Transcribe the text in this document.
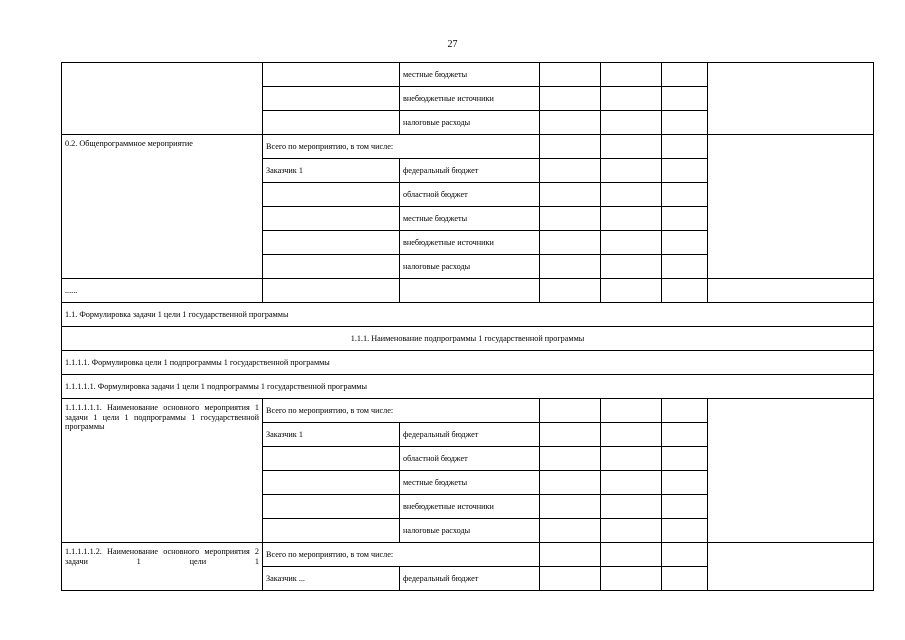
27
		местные бюджеты				
		внебюджетные источники				
		налоговые расходы				
0.2. Общепрограммное мероприятие	Всего по мероприятию, в том числе:					
	Заказчик 1	федеральный бюджет				
		областной бюджет				
		местные бюджеты				
		внебюджетные источники				
		налоговые расходы				
......						
1.1. Формулировка задачи 1 цели 1 государственной программы						
1.1.1. Наименование подпрограммы 1 государственной программы						
1.1.1.1. Формулировка цели 1 подпрограммы 1 государственной программы						
1.1.1.1.1. Формулировка задачи 1 цели 1 подпрограммы 1 государственной программы						
1.1.1.1.1.1. Наименование основного мероприятия 1 задачи 1 цели 1 подпрограммы 1 государственной
программы	Всего по мероприятию, в том числе:					
	Заказчик 1	федеральный бюджет				
		областной бюджет				
		местные бюджеты				
		внебюджетные источники				
		налоговые расходы				
1.1.1.1.1.2. Наименование основного мероприятия 2 задачи 1 цели 1	Всего по мероприятию, в том числе:					
	Заказчик ...	федеральный бюджет				
